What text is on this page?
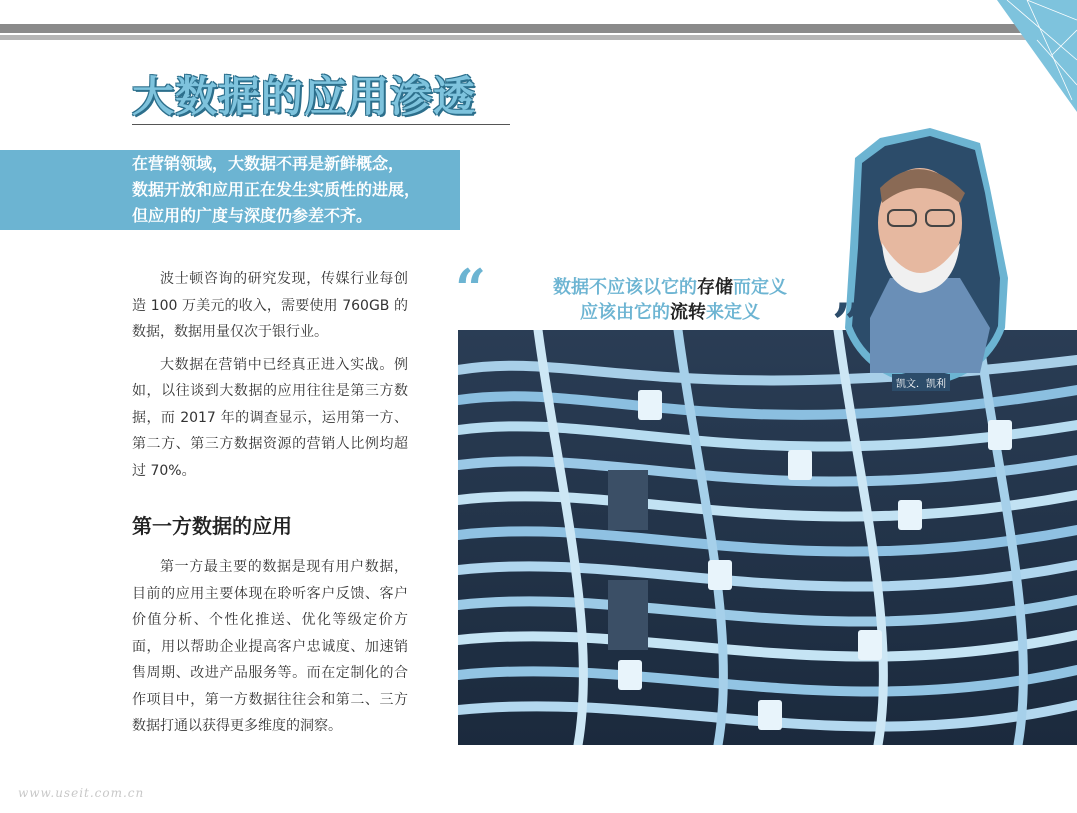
大数据的应用渗透
在营销领域，大数据不再是新鲜概念，
数据开放和应用正在发生实质性的进展，
但应用的广度与深度仍参差不齐。

波士顿咨询的研究发现，传媒行业每创造 100 万美元的收入，需要使用 760GB 的数据，数据用量仅次于银行业。

大数据在营销中已经真正进入实战。例如，以往谈到大数据的应用往往是第三方数据，而 2017 年的调查显示，运用第一方、第二方、第三方数据资源的营销人比例均超过 70%。

第一方数据的应用

第一方最主要的数据是现有用户数据，目前的应用主要体现在聆听客户反馈、客户价值分析、个性化推送、优化等级定价方面，用以帮助企业提高客户忠诚度、加速销售周期、改进产品服务等。而在定制化的合作项目中，第一方数据往往会和第二、三方数据打通以获得更多维度的洞察。

“	数据不应该以它的存储而定义
应该由它的流转来定义
凯文．凯利
”
www.useit.com.cn
